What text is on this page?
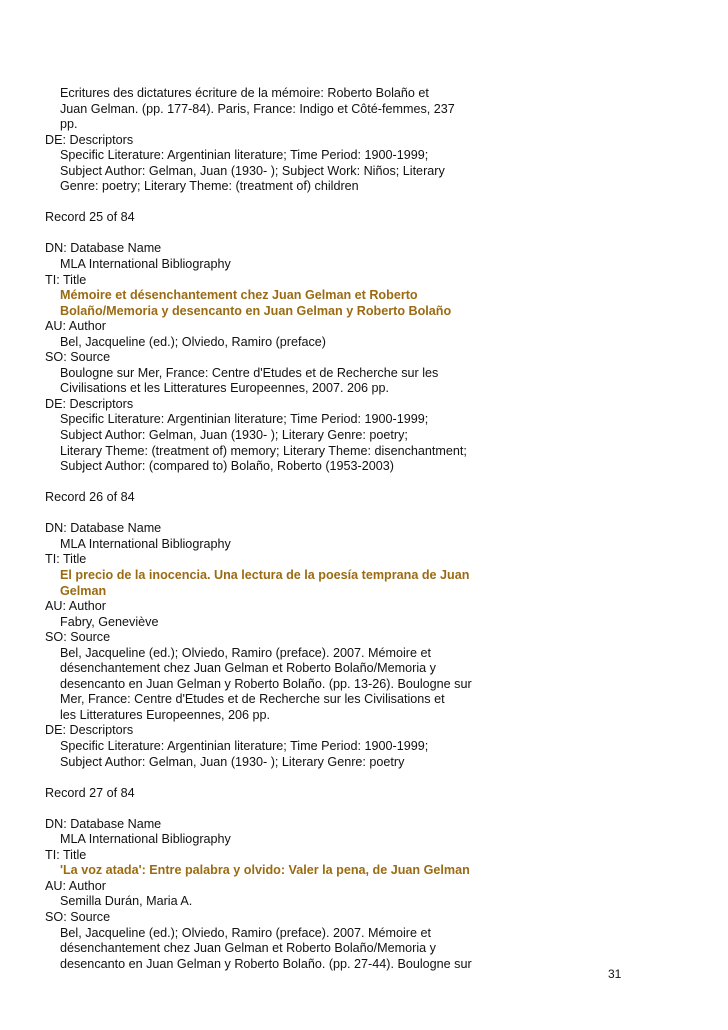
Ecritures des dictatures écriture de la mémoire: Roberto Bolaño et
Juan Gelman. (pp. 177-84). Paris, France: Indigo et Côté-femmes, 237
pp.
DE: Descriptors
Specific Literature: Argentinian literature; Time Period: 1900-1999;
Subject Author: Gelman, Juan (1930- ); Subject Work: Niños; Literary
Genre: poetry; Literary Theme: (treatment of) children
Record 25 of 84
DN: Database Name
MLA International Bibliography
TI: Title
Mémoire et désenchantement chez Juan Gelman et Roberto
Bolaño/Memoria y desencanto en Juan Gelman y Roberto Bolaño
AU: Author
Bel, Jacqueline (ed.); Olviedo, Ramiro (preface)
SO: Source
Boulogne sur Mer, France: Centre d'Etudes et de Recherche sur les
Civilisations et les Litteratures Europeennes, 2007. 206 pp.
DE: Descriptors
Specific Literature: Argentinian literature; Time Period: 1900-1999;
Subject Author: Gelman, Juan (1930- ); Literary Genre: poetry;
Literary Theme: (treatment of) memory; Literary Theme: disenchantment;
Subject Author: (compared to) Bolaño, Roberto (1953-2003)
Record 26 of 84
DN: Database Name
MLA International Bibliography
TI: Title
El precio de la inocencia. Una lectura de la poesía temprana de Juan
Gelman
AU: Author
Fabry, Geneviève
SO: Source
Bel, Jacqueline (ed.); Olviedo, Ramiro (preface). 2007. Mémoire et
désenchantement chez Juan Gelman et Roberto Bolaño/Memoria y
desencanto en Juan Gelman y Roberto Bolaño. (pp. 13-26). Boulogne sur
Mer, France: Centre d'Etudes et de Recherche sur les Civilisations et
les Litteratures Europeennes, 206 pp.
DE: Descriptors
Specific Literature: Argentinian literature; Time Period: 1900-1999;
Subject Author: Gelman, Juan (1930- ); Literary Genre: poetry
Record 27 of 84
DN: Database Name
MLA International Bibliography
TI: Title
'La voz atada': Entre palabra y olvido: Valer la pena, de Juan Gelman
AU: Author
Semilla Durán, Maria A.
SO: Source
Bel, Jacqueline (ed.); Olviedo, Ramiro (preface). 2007. Mémoire et
désenchantement chez Juan Gelman et Roberto Bolaño/Memoria y
desencanto en Juan Gelman y Roberto Bolaño. (pp. 27-44). Boulogne sur
31
